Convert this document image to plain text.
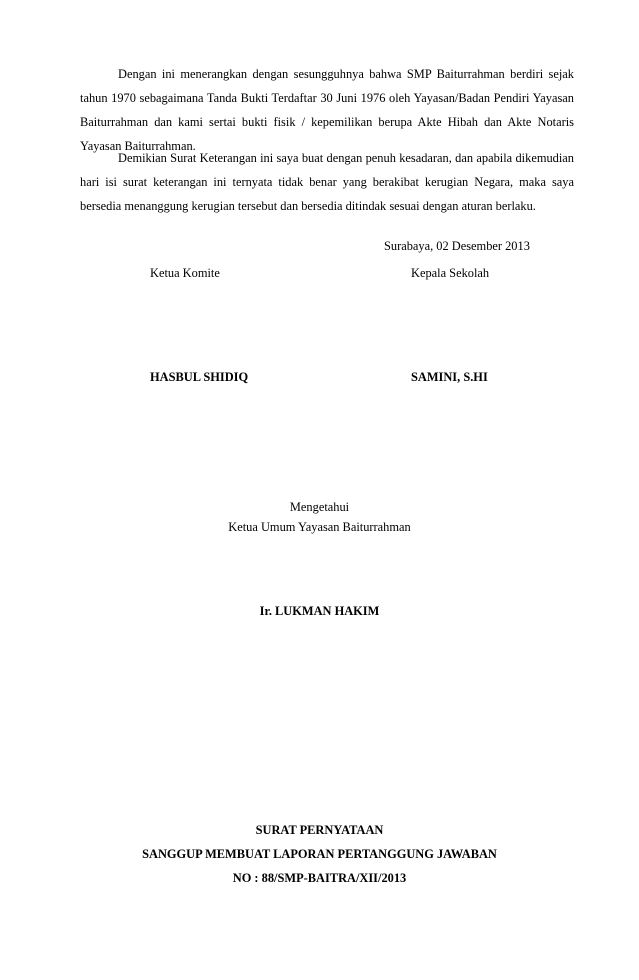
Dengan ini menerangkan dengan sesungguhnya bahwa SMP Baiturrahman berdiri sejak tahun 1970 sebagaimana Tanda Bukti Terdaftar 30 Juni 1976 oleh Yayasan/Badan Pendiri Yayasan Baiturrahman dan kami sertai bukti fisik / kepemilikan berupa Akte Hibah dan Akte Notaris Yayasan Baiturrahman.

Demikian Surat Keterangan ini saya buat dengan penuh kesadaran, dan apabila dikemudian hari isi surat keterangan ini ternyata tidak benar yang berakibat kerugian Negara, maka saya bersedia menanggung kerugian tersebut dan bersedia ditindak sesuai dengan aturan berlaku.

Surabaya, 02 Desember 2013
Ketua Komite	Kepala Sekolah
HASBUL SHIDIQ	SAMINI, S.HI
Mengetahui
Ketua Umum Yayasan Baiturrahman
Ir. LUKMAN HAKIM
SURAT PERNYATAAN
SANGGUP MEMBUAT LAPORAN PERTANGGUNG JAWABAN
NO : 88/SMP-BAITRA/XII/2013
